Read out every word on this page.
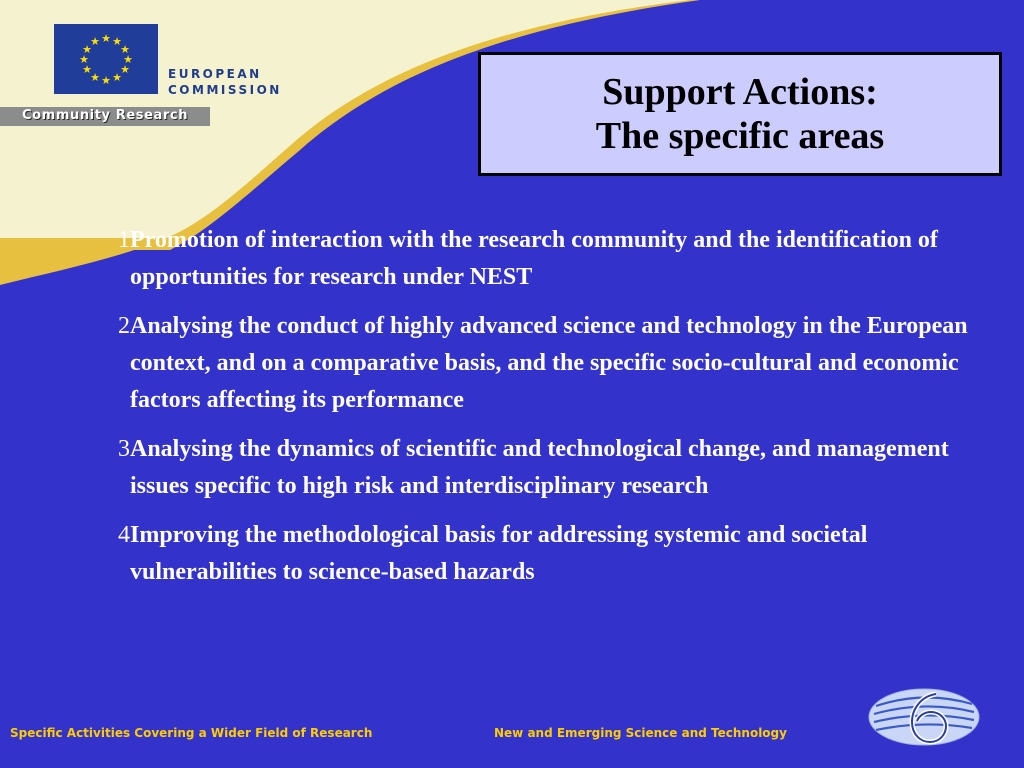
★ ★
★
★
★
★
★
★
★
★
★
★
EUROPEAN
COMMISSION
Community Research
Support Actions:
The specific areas
1 Promotion of interaction with the research community and the identification of opportunities for research under NEST
2 Analysing the conduct of highly advanced science and technology in the European context, and on a comparative basis, and the specific socio-cultural and economic factors affecting its performance
3 Analysing the dynamics of scientific and technological change, and management issues specific to high risk and interdisciplinary research
4 Improving the methodological basis for addressing systemic and societal vulnerabilities to science-based hazards
Specific Activities Covering a Wider Field of Research	New and Emerging Science and Technology
